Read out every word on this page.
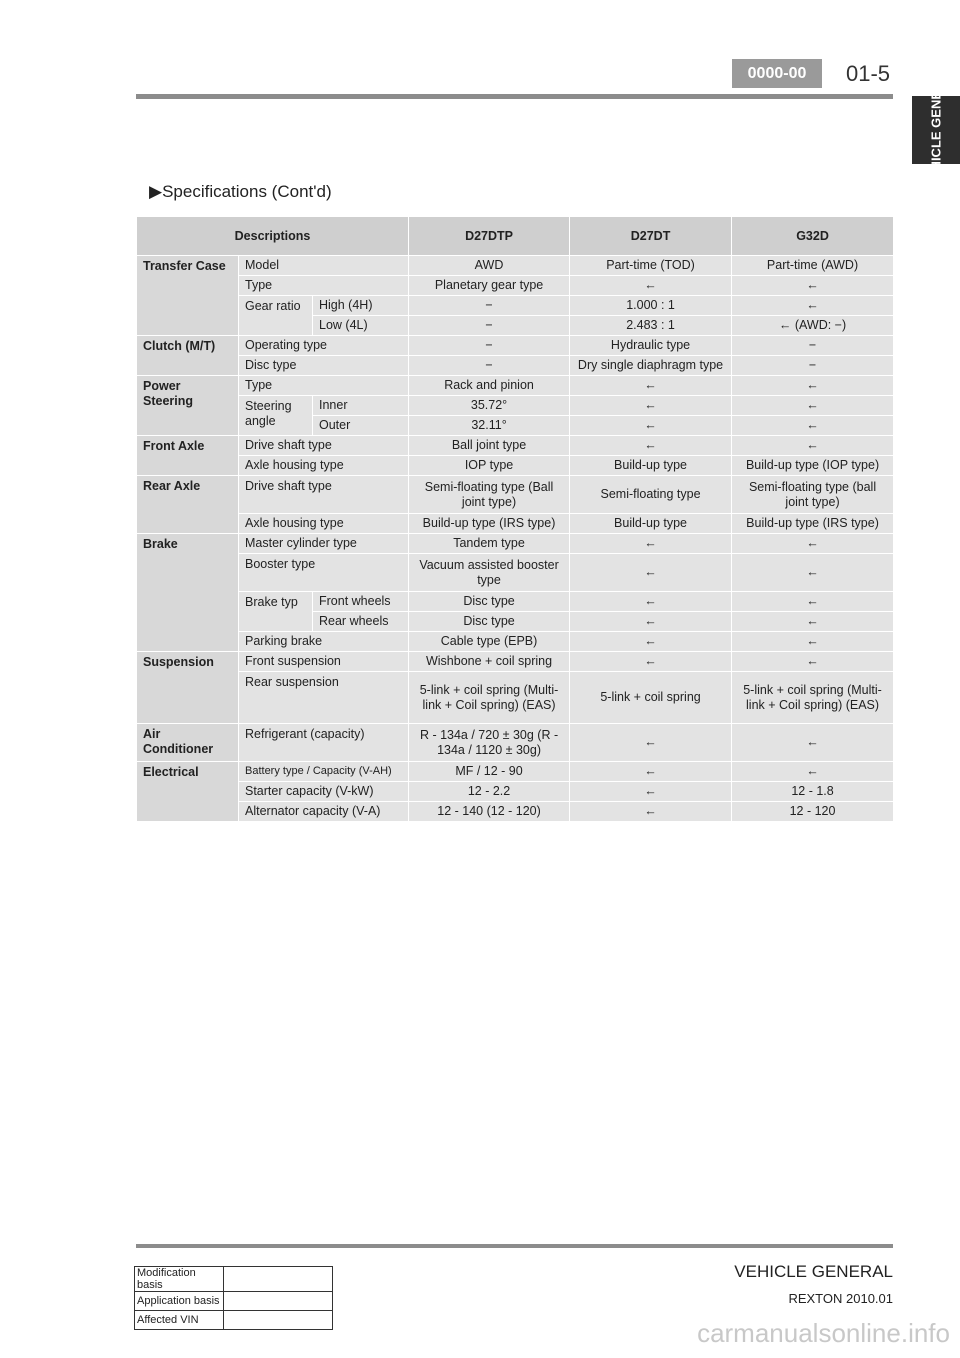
0000-00	01-5	VEHICLE GENERA
▶Specifications (Cont'd)
Descriptions			D27DTP	D27DT	G32D
Transfer Case	Model		AWD	Part-time (TOD)	Part-time (AWD)
	Type		Planetary gear type	←	←
	Gear ratio	High (4H)	−	1.000 : 1	←
		Low (4L)	−	2.483 : 1	← (AWD: −)
Clutch (M/T)	Operating type		−	Hydraulic type	−
	Disc type		−	Dry single diaphragm type	−
Power Steering	Type		Rack and pinion	←	←
	Steering angle	Inner	35.72°	←	←
		Outer	32.11°	←	←
Front Axle	Drive shaft type		Ball joint type	←	←
	Axle housing type		IOP type	Build-up type	Build-up type (IOP type)
Rear Axle	Drive shaft type		Semi-floating type (Ball joint type)	Semi-floating type	Semi-floating type (ball joint type)
	Axle housing type		Build-up type (IRS type)	Build-up type	Build-up type (IRS type)
Brake	Master cylinder type		Tandem type	←	←
	Booster type		Vacuum assisted booster type	←	←
	Brake typ	Front wheels	Disc type	←	←
		Rear wheels	Disc type	←	←
	Parking brake		Cable type (EPB)	←	←
Suspension	Front suspension		Wishbone + coil spring	←	←
	Rear suspension		5-link + coil spring (Multi-link + Coil spring) (EAS)	5-link + coil spring	5-link + coil spring (Multi-link + Coil spring) (EAS)
Air Conditioner	Refrigerant (capacity)		R - 134a / 720 ± 30g (R - 134a / 1120 ± 30g)	←	←
Electrical	Battery type / Capacity (V-AH)		MF / 12 - 90	←	←
	Starter capacity (V-kW)		12 - 2.2	←	12 - 1.8
	Alternator capacity (V-A)		12 - 140 (12 - 120)	←	12 - 120
VEHICLE GENERAL
REXTON 2010.01
Modification basis	
Application basis	
Affected VIN		carmanualsonline.info
